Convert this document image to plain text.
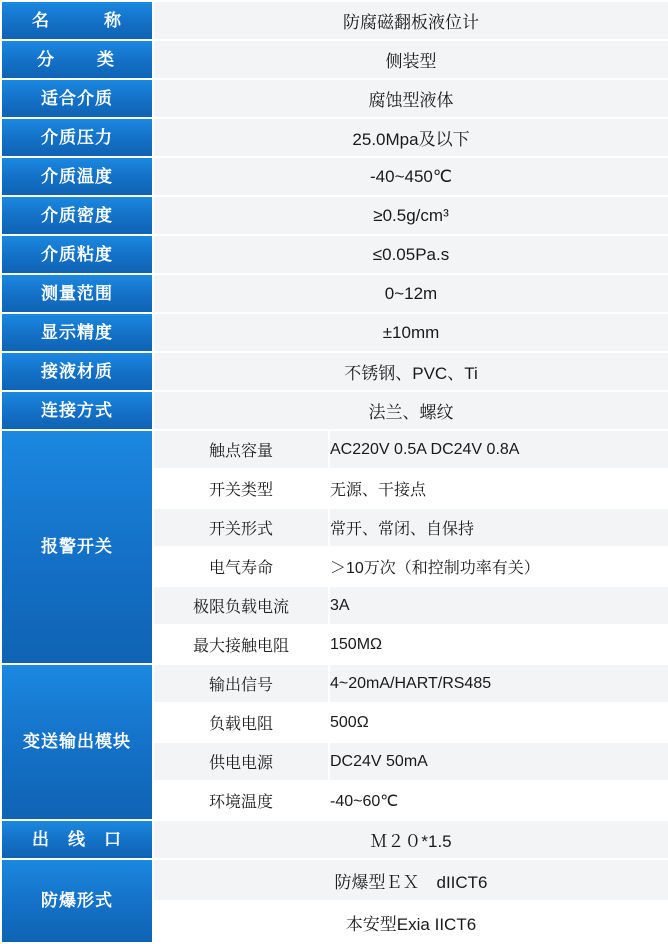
名　　　称	防腐磁翻板液位计
分　　类	侧装型
适合介质	腐蚀型液体
介质压力	25.0Mpa及以下
介质温度	-40~450℃
介质密度	≥0.5g/cm³
介质粘度	≤0.05Pa.s
测量范围	0~12m
显示精度	±10mm
接液材质	不锈钢、PVC、Ti
连接方式	法兰、螺纹
报警开关	
触点容量	AC220V 0.5A DC24V 0.8A
开关类型	无源、干接点
开关形式	常开、常闭、自保持
电气寿命	＞10万次（和控制功率有关）
极限负载电流	3A
最大接触电阻	150MΩ

变送输出模块	
输出信号	4~20mA/HART/RS485
负载电阻	500Ω
供电电源	DC24V 50mA
环境温度	-40~60℃

出　线　口	Ｍ２０*1.5
防爆形式	
防爆型ＥＸ　dIICT6
本安型Exia IICT6
